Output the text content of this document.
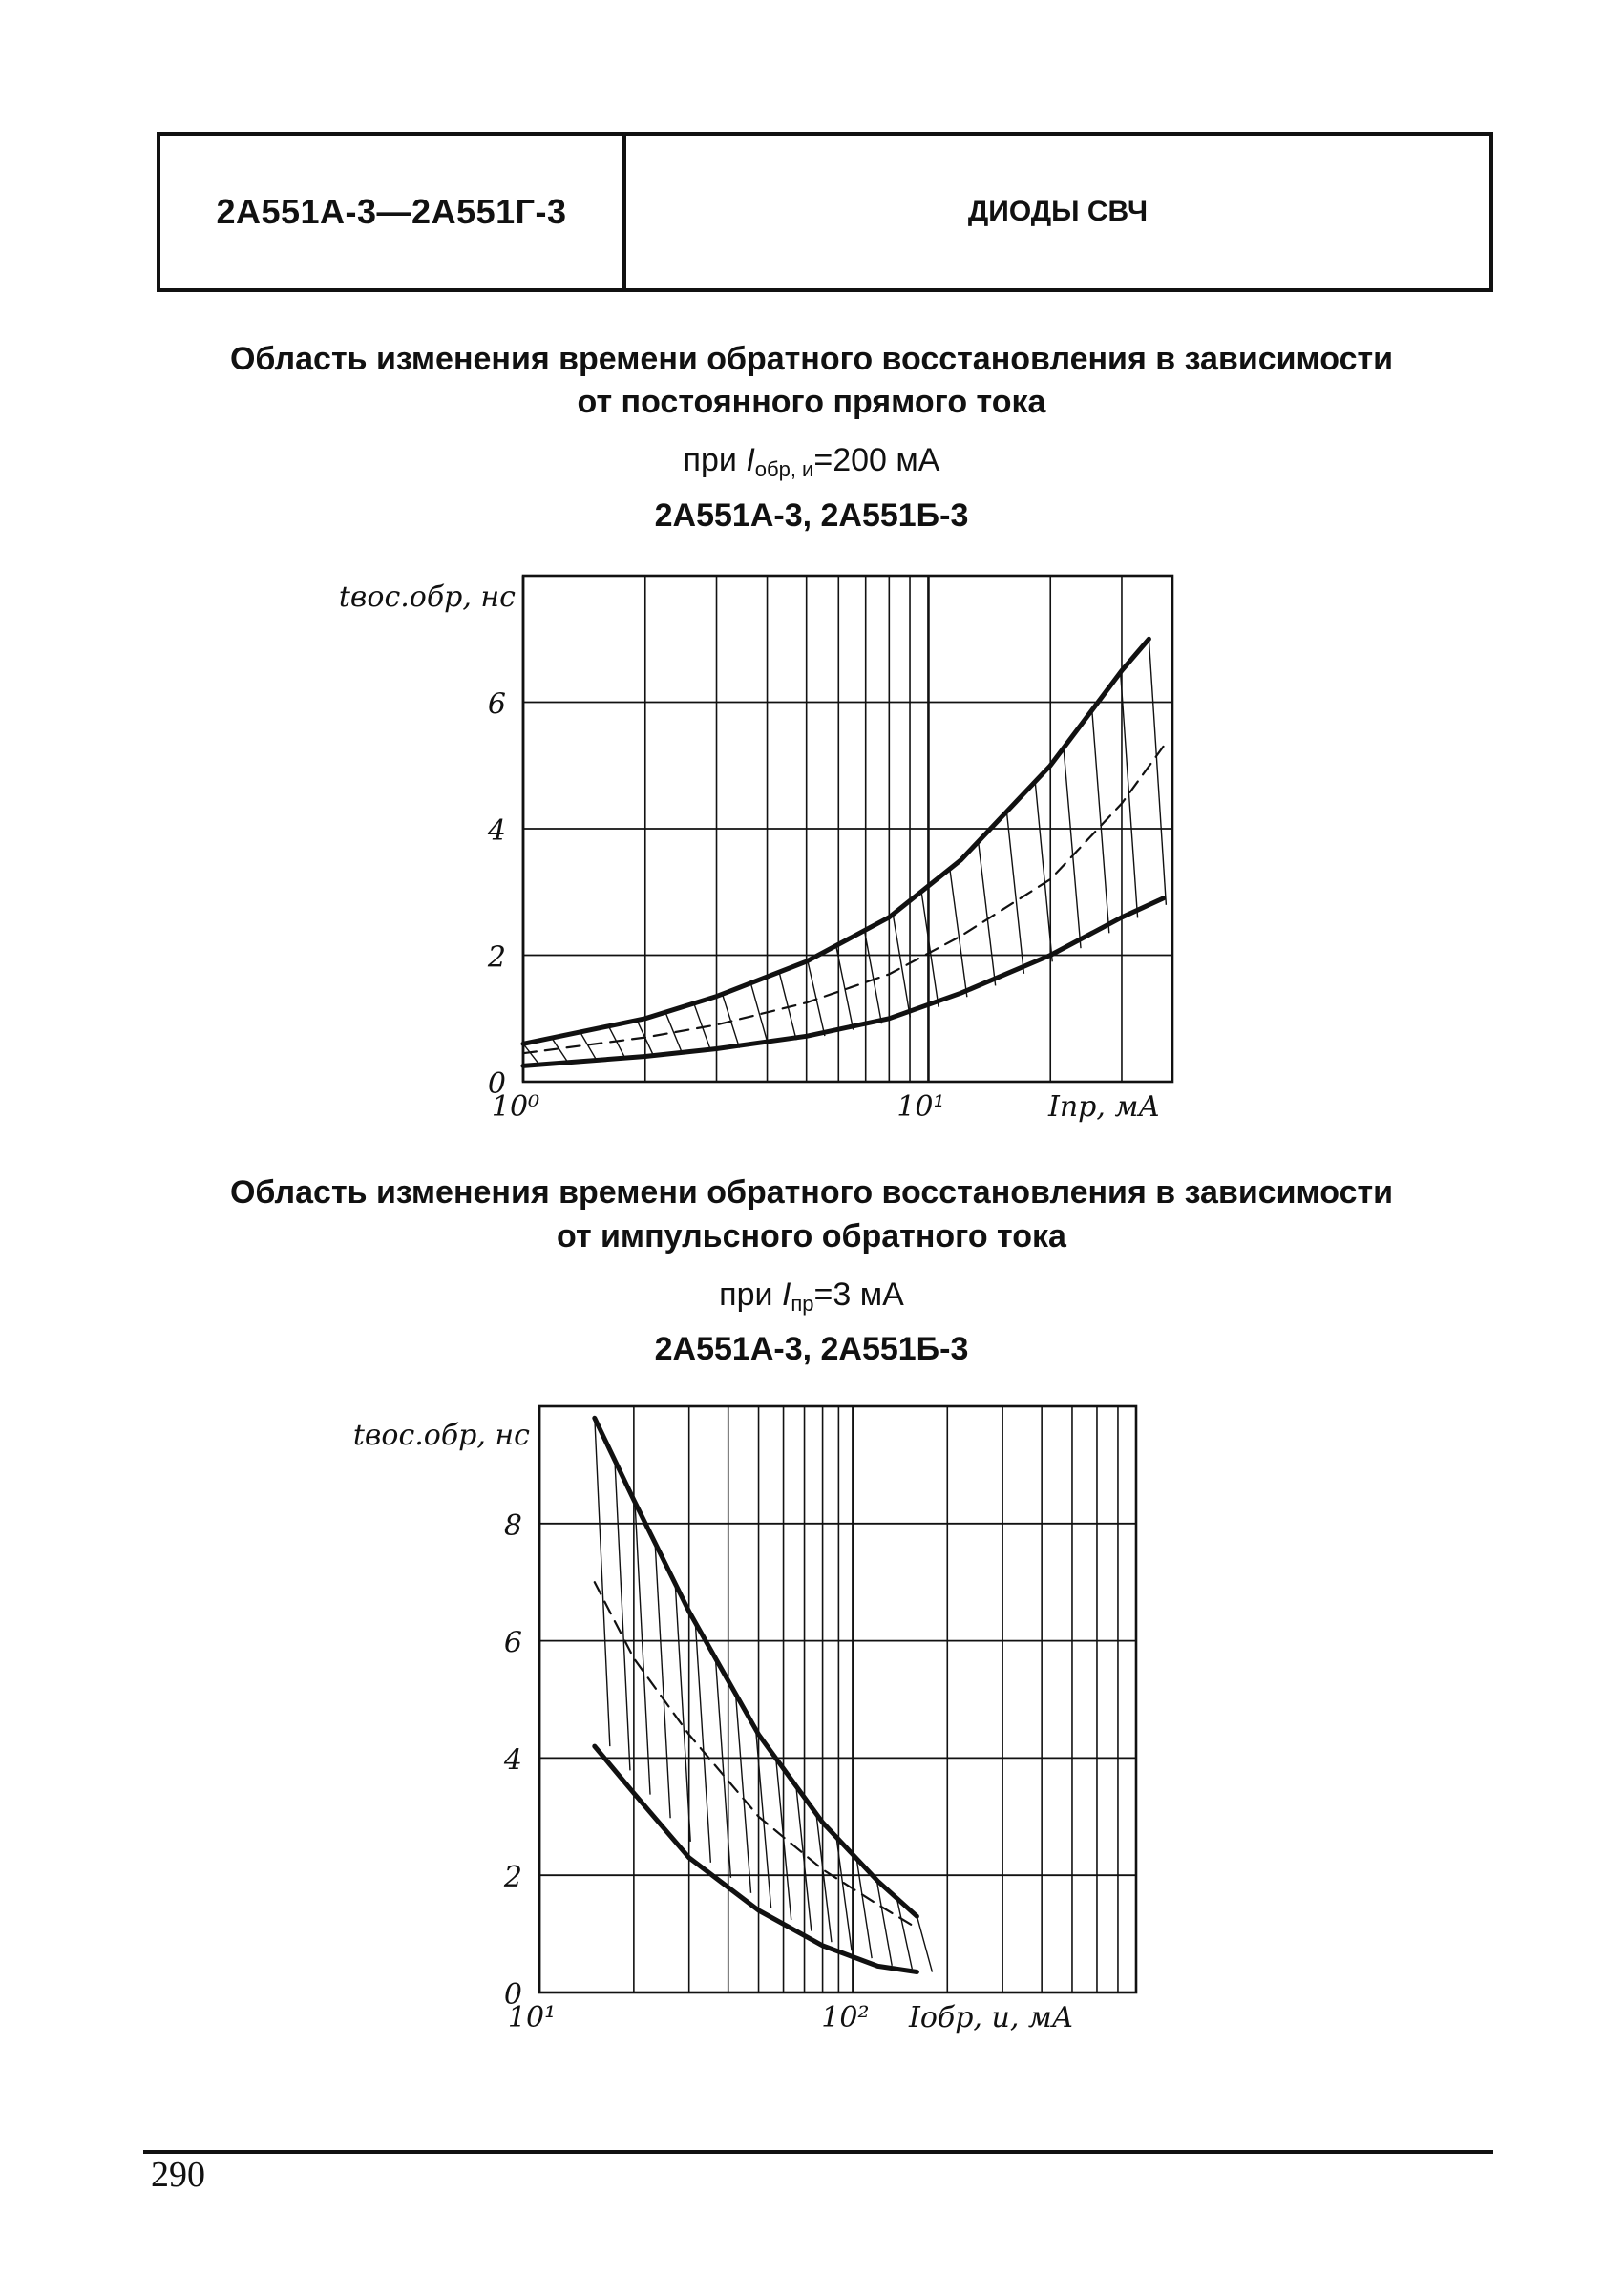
2А551А-3—2А551Г-3	ДИОДЫ СВЧ
Область изменения времени обратного восстановления в зависимости
от постоянного прямого тока
при $I_{обр, и}=200$ мА
2А551А-3, 2А551Б-3
Область изменения времени обратного восстановления в зависимости
от импульсного обратного тока
при $I_{пр}=3$ мА
2А551А-3, 2А551Б-3
0
2
4
6
10⁰	10¹
tвос.обр, нс
Iпр, мА
0
2
4
6
8
10¹	10²
tвос.обр, нс
Iобр, и, мА
290
